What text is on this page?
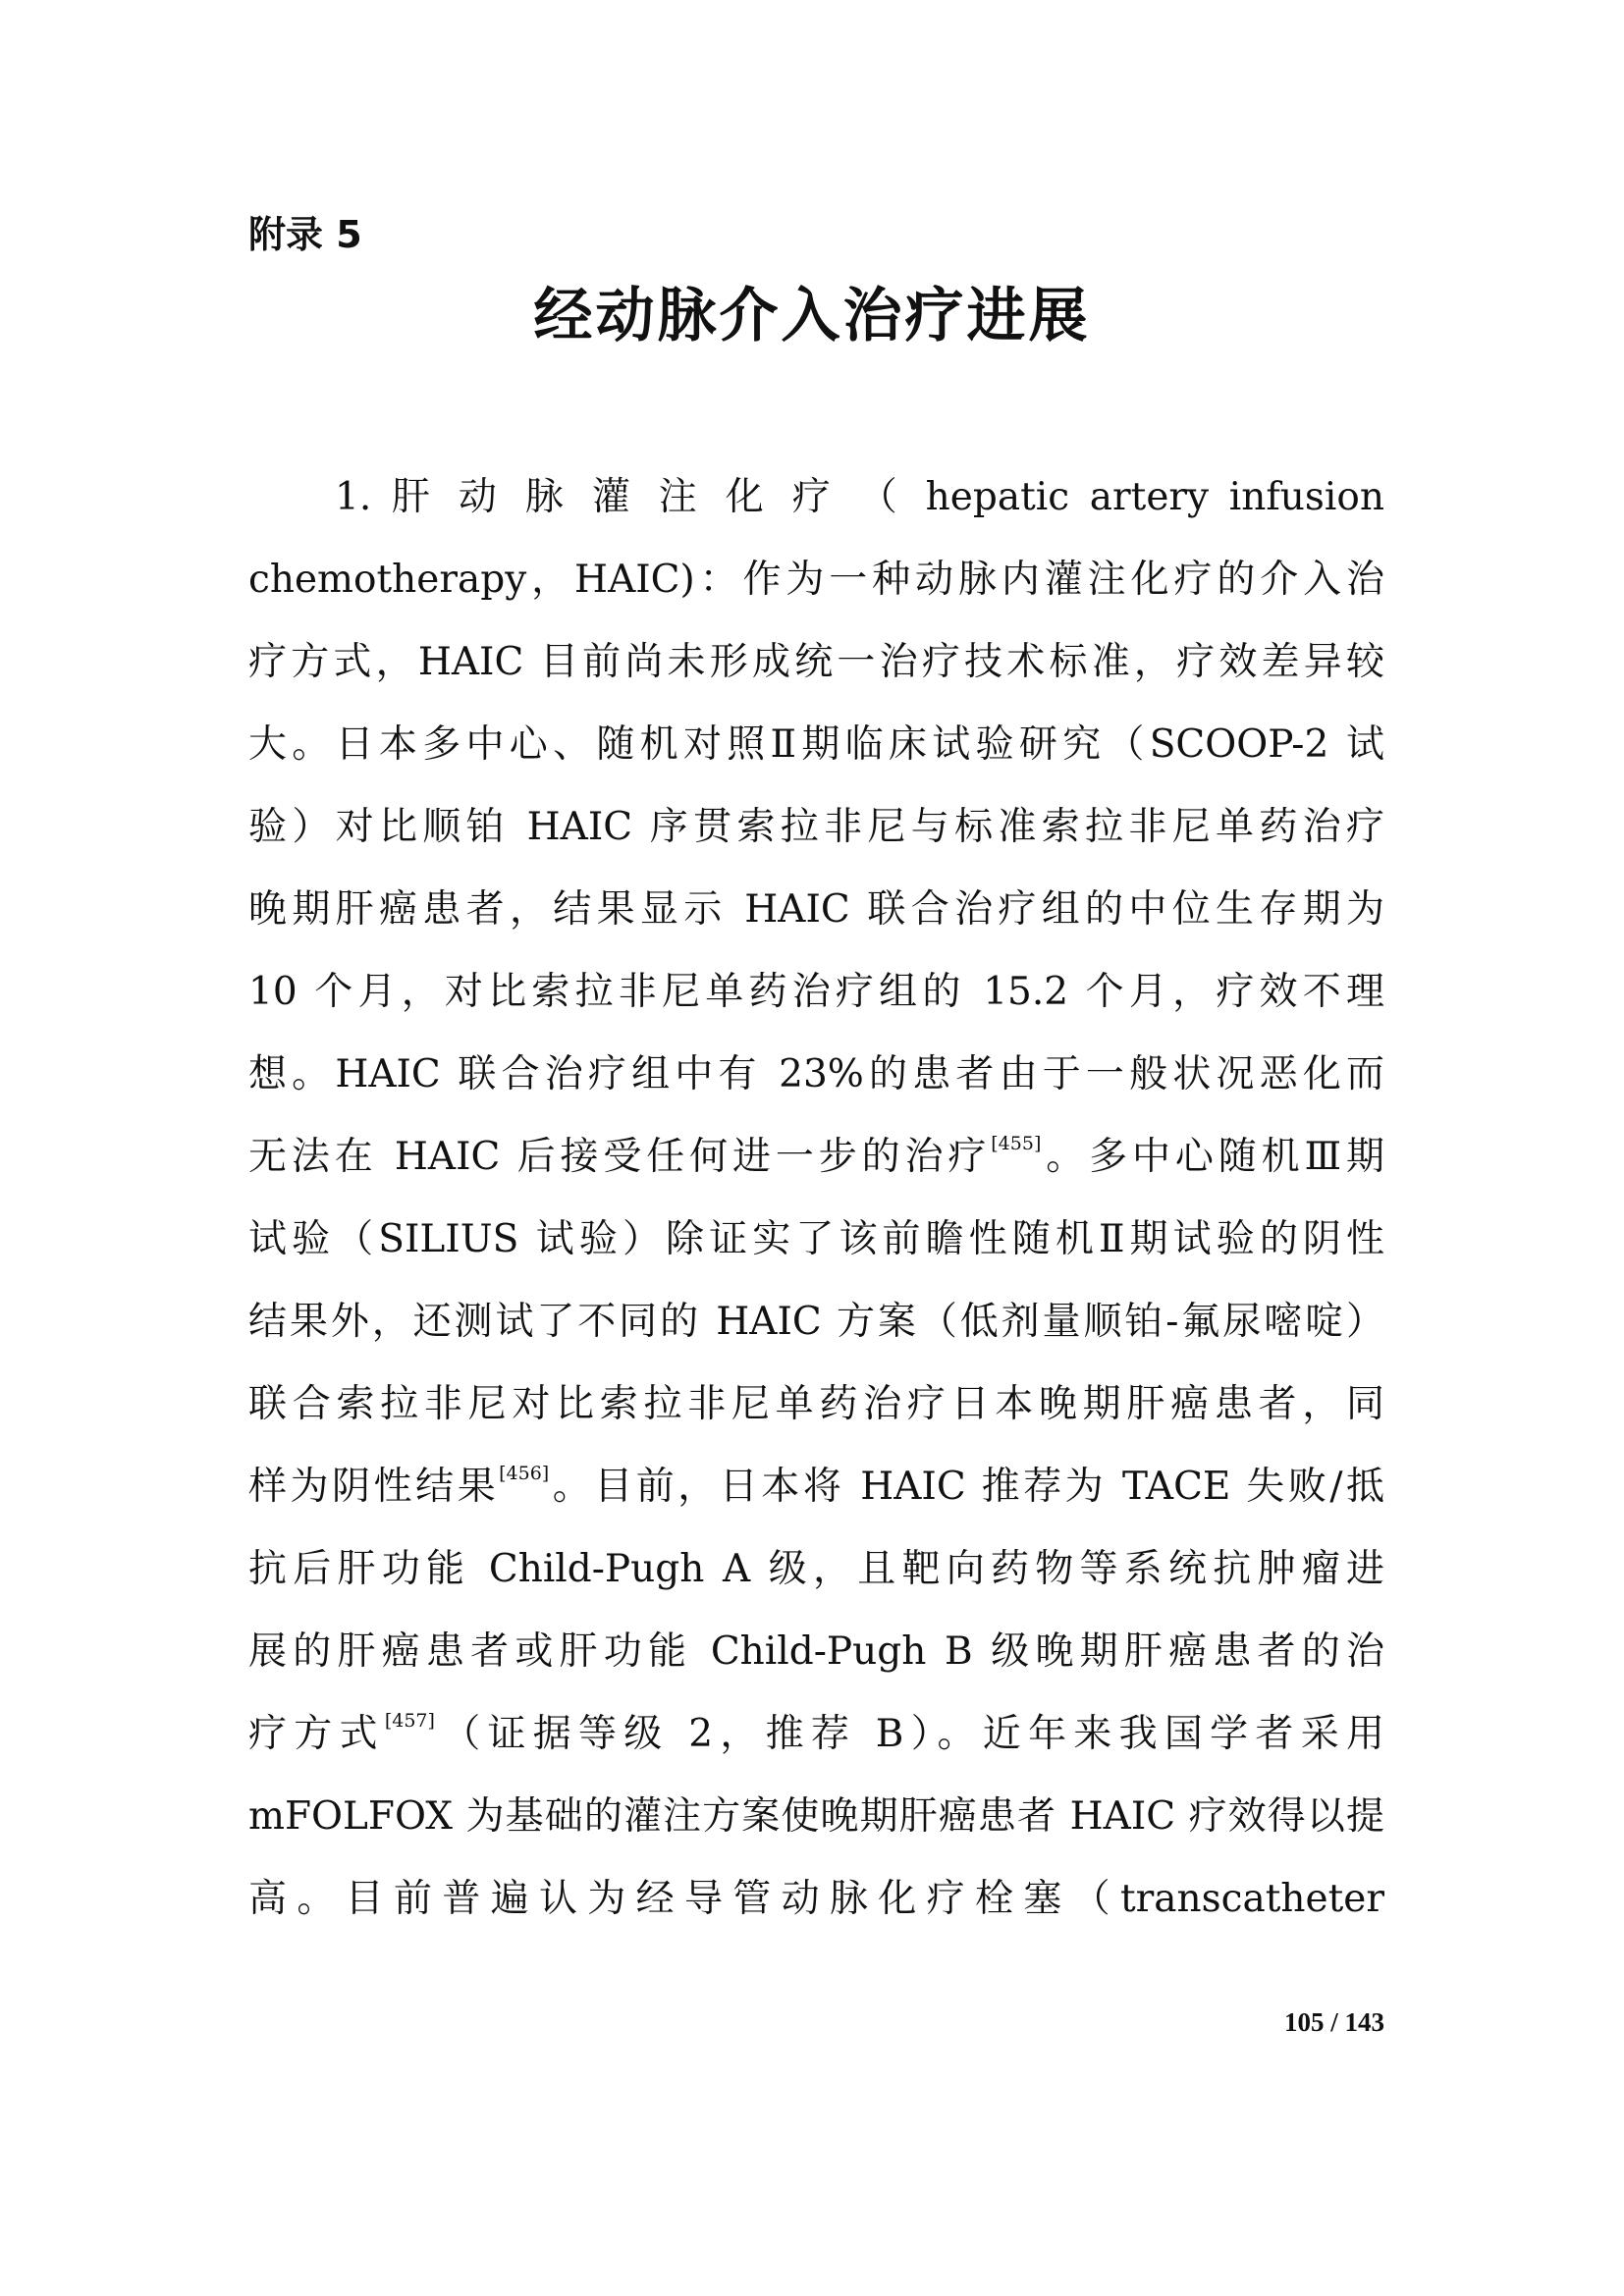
附录 5
经动脉介入治疗进展
1. 肝 动 脉 灌 注 化 疗 （ hepatic artery infusion
chemotherapy，HAIC)：作为一种动脉内灌注化疗的介入治
疗方式，HAIC 目前尚未形成统一治疗技术标准，疗效差异较
大。日本多中心、随机对照Ⅱ期临床试验研究（SCOOP-2 试
验）对比顺铂 HAIC 序贯索拉非尼与标准索拉非尼单药治疗
晚期肝癌患者，结果显示 HAIC 联合治疗组的中位生存期为
10 个月，对比索拉非尼单药治疗组的 15.2 个月，疗效不理
想。HAIC 联合治疗组中有 23%的患者由于一般状况恶化而
无法在 HAIC 后接受任何进一步的治疗[455]。多中心随机Ⅲ期
试验（SILIUS 试验）除证实了该前瞻性随机Ⅱ期试验的阴性
结果外，还测试了不同的 HAIC 方案（低剂量顺铂-氟尿嘧啶）
联合索拉非尼对比索拉非尼单药治疗日本晚期肝癌患者，同
样为阴性结果[456]。目前，日本将 HAIC 推荐为 TACE 失败/抵
抗后肝功能 Child-Pugh A 级，且靶向药物等系统抗肿瘤进
展的肝癌患者或肝功能 Child-Pugh B 级晚期肝癌患者的治
疗方式[457]（证据等级 2，推荐 B）。近年来我国学者采用
mFOLFOX 为基础的灌注方案使晚期肝癌患者 HAIC 疗效得以提
高。目前普遍认为经导管动脉化疗栓塞（transcatheter
105 / 143
